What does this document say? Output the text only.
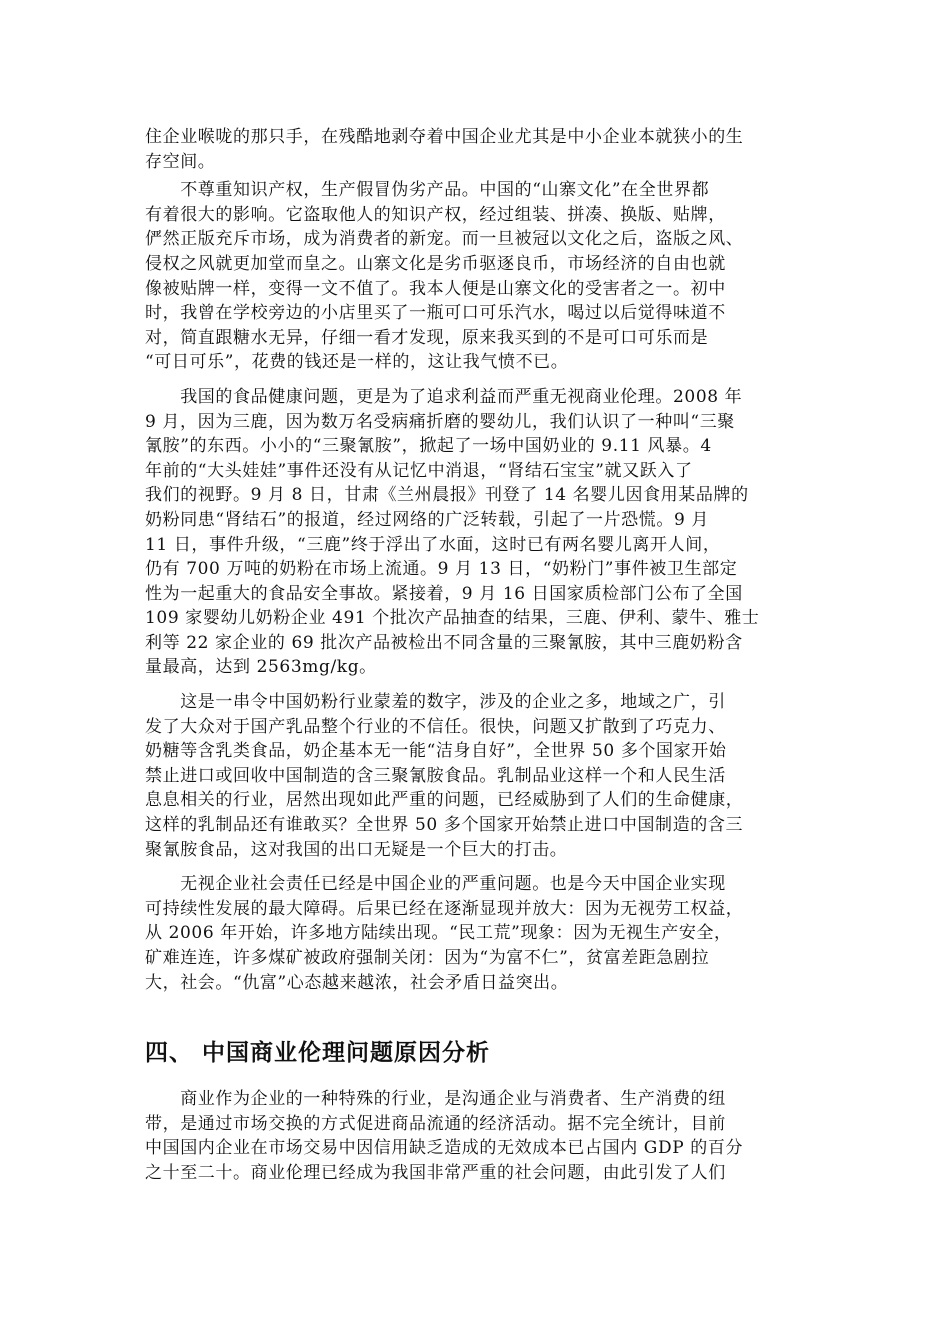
住企业喉咙的那只手，在残酷地剥夺着中国企业尤其是中小企业本就狭小的生
存空间。
　　不尊重知识产权，生产假冒伪劣产品。中国的“山寨文化”在全世界都
有着很大的影响。它盗取他人的知识产权，经过组装、拼凑、换版、贴牌，
俨然正版充斥市场，成为消费者的新宠。而一旦被冠以文化之后，盗版之风、
侵权之风就更加堂而皇之。山寨文化是劣币驱逐良币，市场经济的自由也就
像被贴牌一样，变得一文不值了。我本人便是山寨文化的受害者之一。初中
时，我曾在学校旁边的小店里买了一瓶可口可乐汽水，喝过以后觉得味道不
对，简直跟糖水无异，仔细一看才发现，原来我买到的不是可口可乐而是
“可日可乐”，花费的钱还是一样的，这让我气愤不已。
　　我国的食品健康问题，更是为了追求利益而严重无视商业伦理。2008 年
9 月，因为三鹿，因为数万名受病痛折磨的婴幼儿，我们认识了一种叫“三聚
氰胺”的东西。小小的“三聚氰胺”，掀起了一场中国奶业的 9.11 风暴。4
年前的“大头娃娃”事件还没有从记忆中消退，“肾结石宝宝”就又跃入了
我们的视野。9 月 8 日，甘肃《兰州晨报》刊登了 14 名婴儿因食用某品牌的
奶粉同患“肾结石”的报道，经过网络的广泛转载，引起了一片恐慌。9 月
11 日，事件升级，“三鹿”终于浮出了水面，这时已有两名婴儿离开人间，
仍有 700 万吨的奶粉在市场上流通。9 月 13 日，“奶粉门”事件被卫生部定
性为一起重大的食品安全事故。紧接着，9 月 16 日国家质检部门公布了全国
109 家婴幼儿奶粉企业 491 个批次产品抽查的结果，三鹿、伊利、蒙牛、雅士
利等 22 家企业的 69 批次产品被检出不同含量的三聚氰胺，其中三鹿奶粉含
量最高，达到 2563mg/kg。
　　这是一串令中国奶粉行业蒙羞的数字，涉及的企业之多，地域之广，引
发了大众对于国产乳品整个行业的不信任。很快，问题又扩散到了巧克力、
奶糖等含乳类食品，奶企基本无一能“洁身自好”，全世界 50 多个国家开始
禁止进口或回收中国制造的含三聚氰胺食品。乳制品业这样一个和人民生活
息息相关的行业，居然出现如此严重的问题，已经威胁到了人们的生命健康，
这样的乳制品还有谁敢买？全世界 50 多个国家开始禁止进口中国制造的含三
聚氰胺食品，这对我国的出口无疑是一个巨大的打击。
　　无视企业社会责任已经是中国企业的严重问题。也是今天中国企业实现
可持续性发展的最大障碍。后果已经在逐渐显现并放大：因为无视劳工权益，
从 2006 年开始，许多地方陆续出现。“民工荒”现象：因为无视生产安全，
矿难连连，许多煤矿被政府强制关闭：因为“为富不仁”，贫富差距急剧拉
大，社会。“仇富”心态越来越浓，社会矛盾日益突出。
四、 中国商业伦理问题原因分析
　　商业作为企业的一种特殊的行业，是沟通企业与消费者、生产消费的纽
带，是通过市场交换的方式促进商品流通的经济活动。据不完全统计，目前
中国国内企业在市场交易中因信用缺乏造成的无效成本已占国内 GDP 的百分
之十至二十。商业伦理已经成为我国非常严重的社会问题，由此引发了人们
